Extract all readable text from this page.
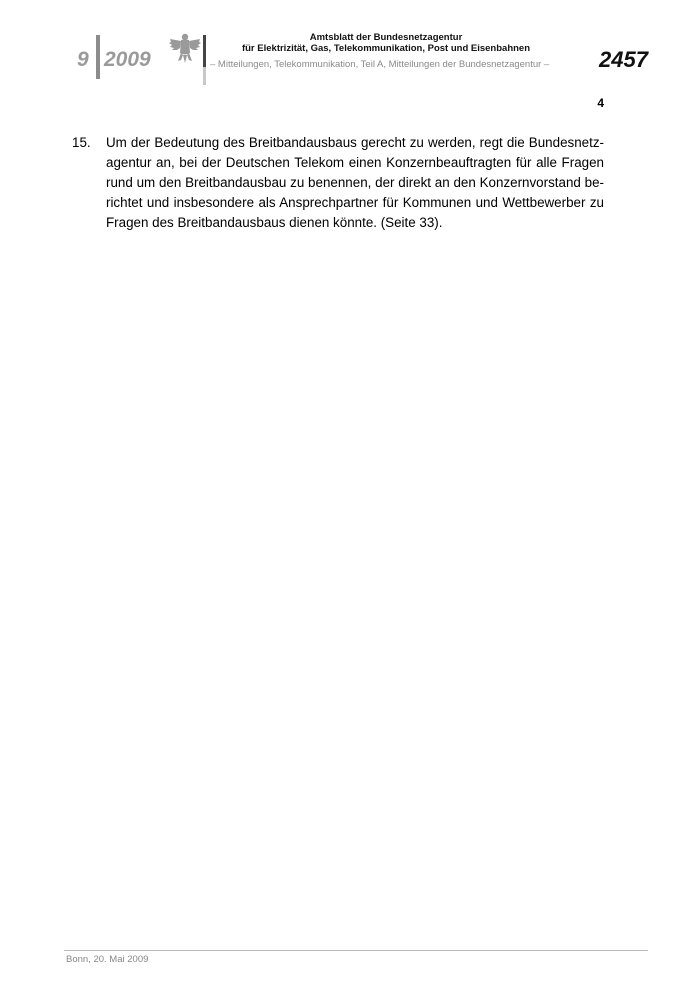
9 2009
Amtsblatt der Bundesnetzagentur
für Elektrizität, Gas, Telekommunikation, Post und Eisenbahnen
– Mitteilungen, Telekommunikation, Teil A, Mitteilungen der Bundesnetzagentur – 2457
4
15. Um der Bedeutung des Breitbandausbaus gerecht zu werden, regt die Bundesnetzagentur an, bei der Deutschen Telekom einen Konzernbeauftragten für alle Fragen rund um den Breitbandausbau zu benennen, der direkt an den Konzernvorstand berichtet und insbesondere als Ansprechpartner für Kommunen und Wettbewerber zu Fragen des Breitbandausbaus dienen könnte. (Seite 33).
Bonn, 20. Mai 2009
